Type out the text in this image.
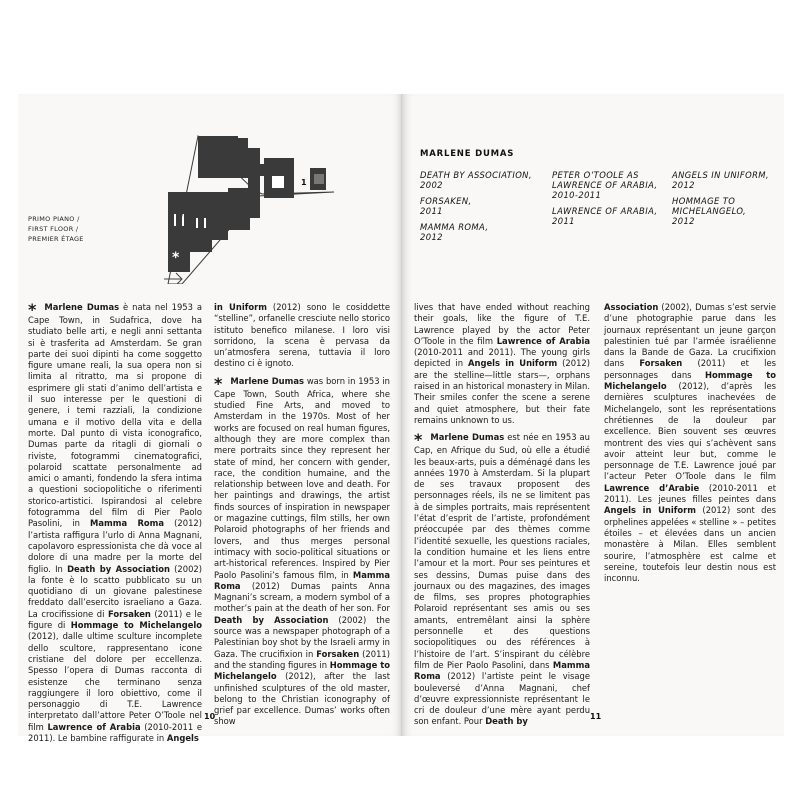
PRIMO PIANO /
FIRST FLOOR /
PREMIER ÉTAGE
*
1

* Marlene Dumas è nata nel 1953 a Cape Town, in Sudafrica, dove ha studiato belle arti, e negli anni settanta si è trasferita ad Amsterdam. Se gran parte dei suoi dipinti ha come soggetto figure umane reali, la sua opera non si limita al ritratto, ma si propone di esprimere gli stati d’animo dell’artista e il suo interesse per le questioni di genere, i temi razziali, la condizione umana e il motivo della vita e della morte. Dal punto di vista iconografico, Dumas parte da ritagli di giornali o riviste, fotogrammi cinematografici, polaroid scattate personalmente ad amici o amanti, fondendo la sfera intima a questioni sociopolitiche o riferimenti storico-artistici. Ispirandosi al celebre fotogramma del film di Pier Paolo Pasolini, in Mamma Roma (2012) l’artista raffigura l’urlo di Anna Magnani, capolavoro espressionista che dà voce al dolore di una madre per la morte del figlio. In Death by Association (2002) la fonte è lo scatto pubblicato su un quotidiano di un giovane palestinese freddato dall’esercito israeliano a Gaza. La crocifissione di Forsaken (2011) e le figure di Hommage to Michelangelo (2012), dalle ultime sculture incomplete dello scultore, rappresentano icone cristiane del dolore per eccellenza. Spesso l’opera di Dumas racconta di esistenze che terminano senza raggiungere il loro obiettivo, come il personaggio di T.E. Lawrence interpretato dall’attore Peter O’Toole nel film Lawrence of Arabia (2010-2011 e 2011). Le bambine raffigurate in Angels

in Uniform (2012) sono le cosiddette “stelline”, orfanelle cresciute nello storico istituto benefico milanese. I loro visi sorridono, la scena è pervasa da un’atmosfera serena, tuttavia il loro destino ci è ignoto.

* Marlene Dumas was born in 1953 in Cape Town, South Africa, where she studied Fine Arts, and moved to Amsterdam in the 1970s. Most of her works are focused on real human figures, although they are more complex than mere portraits since they represent her state of mind, her concern with gender, race, the condition humaine, and the relationship between love and death. For her paintings and drawings, the artist finds sources of inspiration in newspaper or magazine cuttings, film stills, her own Polaroid photographs of her friends and lovers, and thus merges personal intimacy with socio-political situations or art-historical references. Inspired by Pier Paolo Pasolini’s famous film, in Mamma Roma (2012) Dumas paints Anna Magnani’s scream, a modern symbol of a mother’s pain at the death of her son. For Death by Association (2002) the source was a newspaper photograph of a Palestinian boy shot by the Israeli army in Gaza. The crucifixion in Forsaken (2011) and the standing figures in Hommage to Michelangelo (2012), after the last unfinished sculptures of the old master, belong to the Christian iconography of grief par excellence. Dumas’ works often show

10
MARLENE DUMAS
DEATH BY ASSOCIATION,
2002
FORSAKEN,
2011
MAMMA ROMA,
2012
PETER O’TOOLE AS LAWRENCE OF ARABIA,
2010-2011
LAWRENCE OF ARABIA,
2011
ANGELS IN UNIFORM,
2012
HOMMAGE TO MICHELANGELO,
2012

lives that have ended without reaching their goals, like the figure of T.E. Lawrence played by the actor Peter O’Toole in the film Lawrence of Arabia (2010-2011 and 2011). The young girls depicted in Angels in Uniform (2012) are the stelline—little stars—, orphans raised in an historical monastery in Milan. Their smiles confer the scene a serene and quiet atmosphere, but their fate remains unknown to us.

* Marlene Dumas est née en 1953 au Cap, en Afrique du Sud, où elle a étudié les beaux-arts, puis a déménagé dans les années 1970 à Amsterdam. Si la plupart de ses travaux proposent des personnages réels, ils ne se limitent pas à de simples portraits, mais représentent l’état d’esprit de l’artiste, profondément préoccupée par des thèmes comme l’identité sexuelle, les questions raciales, la condition humaine et les liens entre l’amour et la mort. Pour ses peintures et ses dessins, Dumas puise dans des journaux ou des magazines, des images de films, ses propres photographies Polaroid représentant ses amis ou ses amants, entremêlant ainsi la sphère personnelle et des questions sociopolitiques ou des références à l’histoire de l’art. S’inspirant du célèbre film de Pier Paolo Pasolini, dans Mamma Roma (2012) l’artiste peint le visage bouleversé d’Anna Magnani, chef d’œuvre expressionniste représentant le cri de douleur d’une mère ayant perdu son enfant. Pour Death by

Association (2002), Dumas s’est servie d’une photographie parue dans les journaux représentant un jeune garçon palestinien tué par l’armée israélienne dans la Bande de Gaza. La crucifixion dans Forsaken (2011) et les personnages dans Hommage to Michelangelo (2012), d’après les dernières sculptures inachevées de Michelangelo, sont les représentations chrétiennes de la douleur par excellence. Bien souvent ses œuvres montrent des vies qui s’achèvent sans avoir atteint leur but, comme le personnage de T.E. Lawrence joué par l’acteur Peter O’Toole dans le film Lawrence d’Arabie (2010-2011 et 2011). Les jeunes filles peintes dans Angels in Uniform (2012) sont des orphelines appelées « stelline » – petites étoiles – et élevées dans un ancien monastère à Milan. Elles semblent sourire, l’atmosphère est calme et sereine, toutefois leur destin nous est inconnu.

11
